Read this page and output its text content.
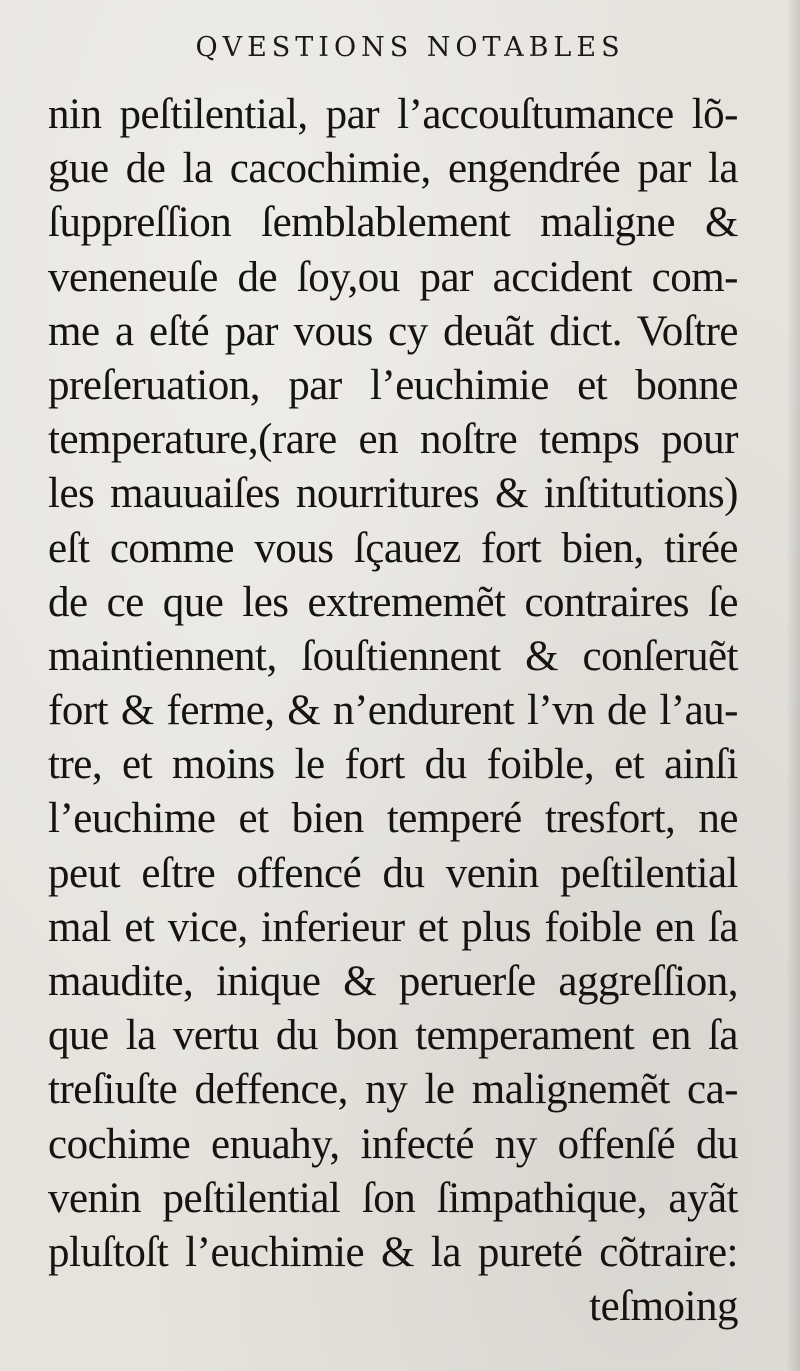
QVESTIONS NOTABLES
nin peſtilential, par l’accouſtumance lõ-
gue de la cacochimie, engendrée par la
ſuppreſſion ſemblablement maligne &
veneneuſe de ſoy,ou par accident com-
me a eſté par vous cy deuãt dict. Voſtre
preſeruation, par l’euchimie et bonne
temperature,(rare en noſtre temps pour
les mauuaiſes nourritures & inſtitutions)
eſt comme vous ſçauez fort bien, tirée
de ce que les extrememẽt contraires ſe
maintiennent, ſouſtiennent & conſeruẽt
fort & ferme, & n’endurent l’vn de l’au-
tre, et moins le fort du foible, et ainſi
l’euchime et bien temperé tresfort, ne
peut eſtre offencé du venin peſtilential
mal et vice, inferieur et plus foible en ſa
maudite, inique & peruerſe aggreſſion,
que la vertu du bon temperament en ſa
treſiuſte deffence, ny le malignemẽt ca-
cochime enuahy, infecté ny offenſé du
venin peſtilential ſon ſimpathique, ayãt
pluſtoſt l’euchimie & la pureté cõtraire:
teſmoing
